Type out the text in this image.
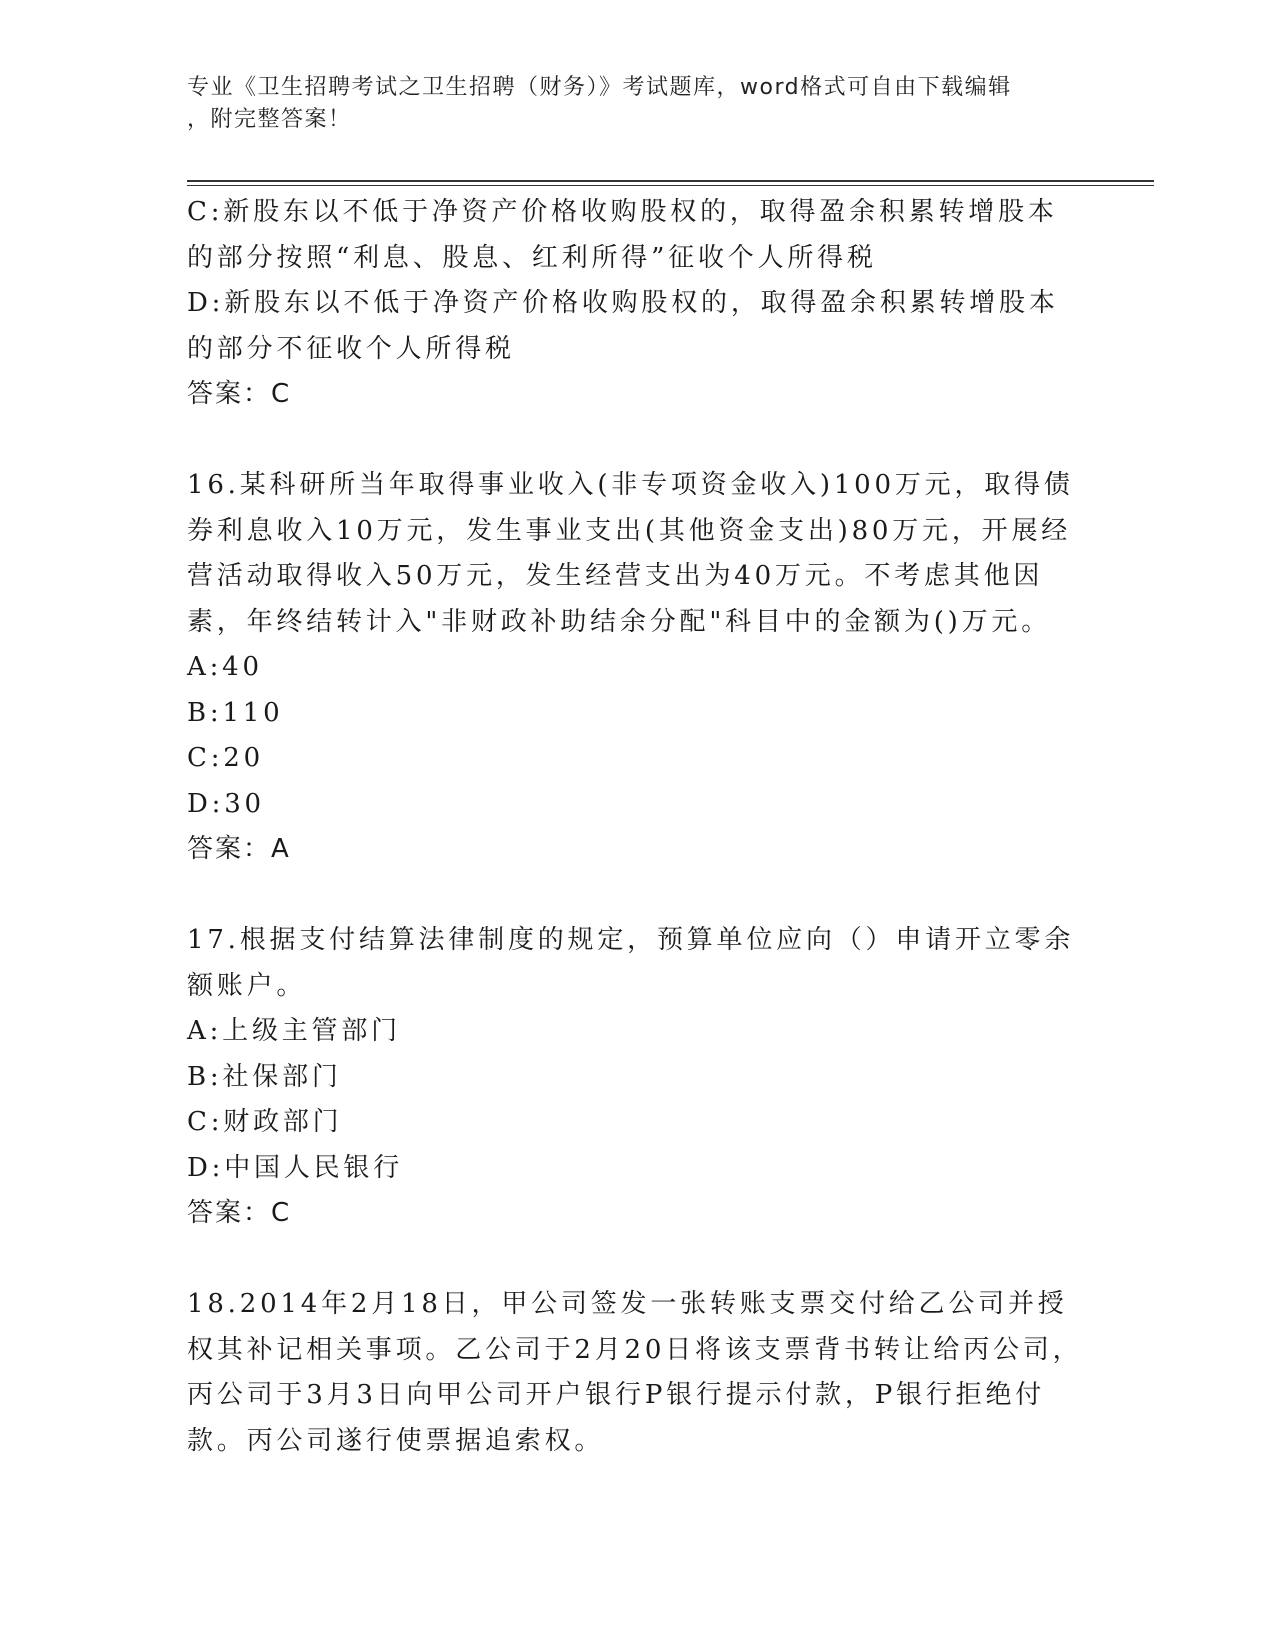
专业《卫生招聘考试之卫生招聘（财务）》考试题库，word格式可自由下载编辑
，附完整答案！

C:新股东以不低于净资产价格收购股权的，取得盈余积累转增股本的部分按照“利息、股息、红利所得”征收个人所得税

D:新股东以不低于净资产价格收购股权的，取得盈余积累转增股本的部分不征收个人所得税

答案：C

16.某科研所当年取得事业收入(非专项资金收入)100万元，取得债券利息收入10万元，发生事业支出(其他资金支出)80万元，开展经营活动取得收入50万元，发生经营支出为40万元。不考虑其他因素，年终结转计入"非财政补助结余分配"科目中的金额为()万元。

A:40

B:110

C:20

D:30

答案：A

17.根据支付结算法律制度的规定，预算单位应向（）申请开立零余额账户。

A:上级主管部门

B:社保部门

C:财政部门

D:中国人民银行

答案：C

18.2014年2月18日，甲公司签发一张转账支票交付给乙公司并授权其补记相关事项。乙公司于2月20日将该支票背书转让给丙公司，丙公司于3月3日向甲公司开户银行P银行提示付款，P银行拒绝付款。丙公司遂行使票据追索权。
